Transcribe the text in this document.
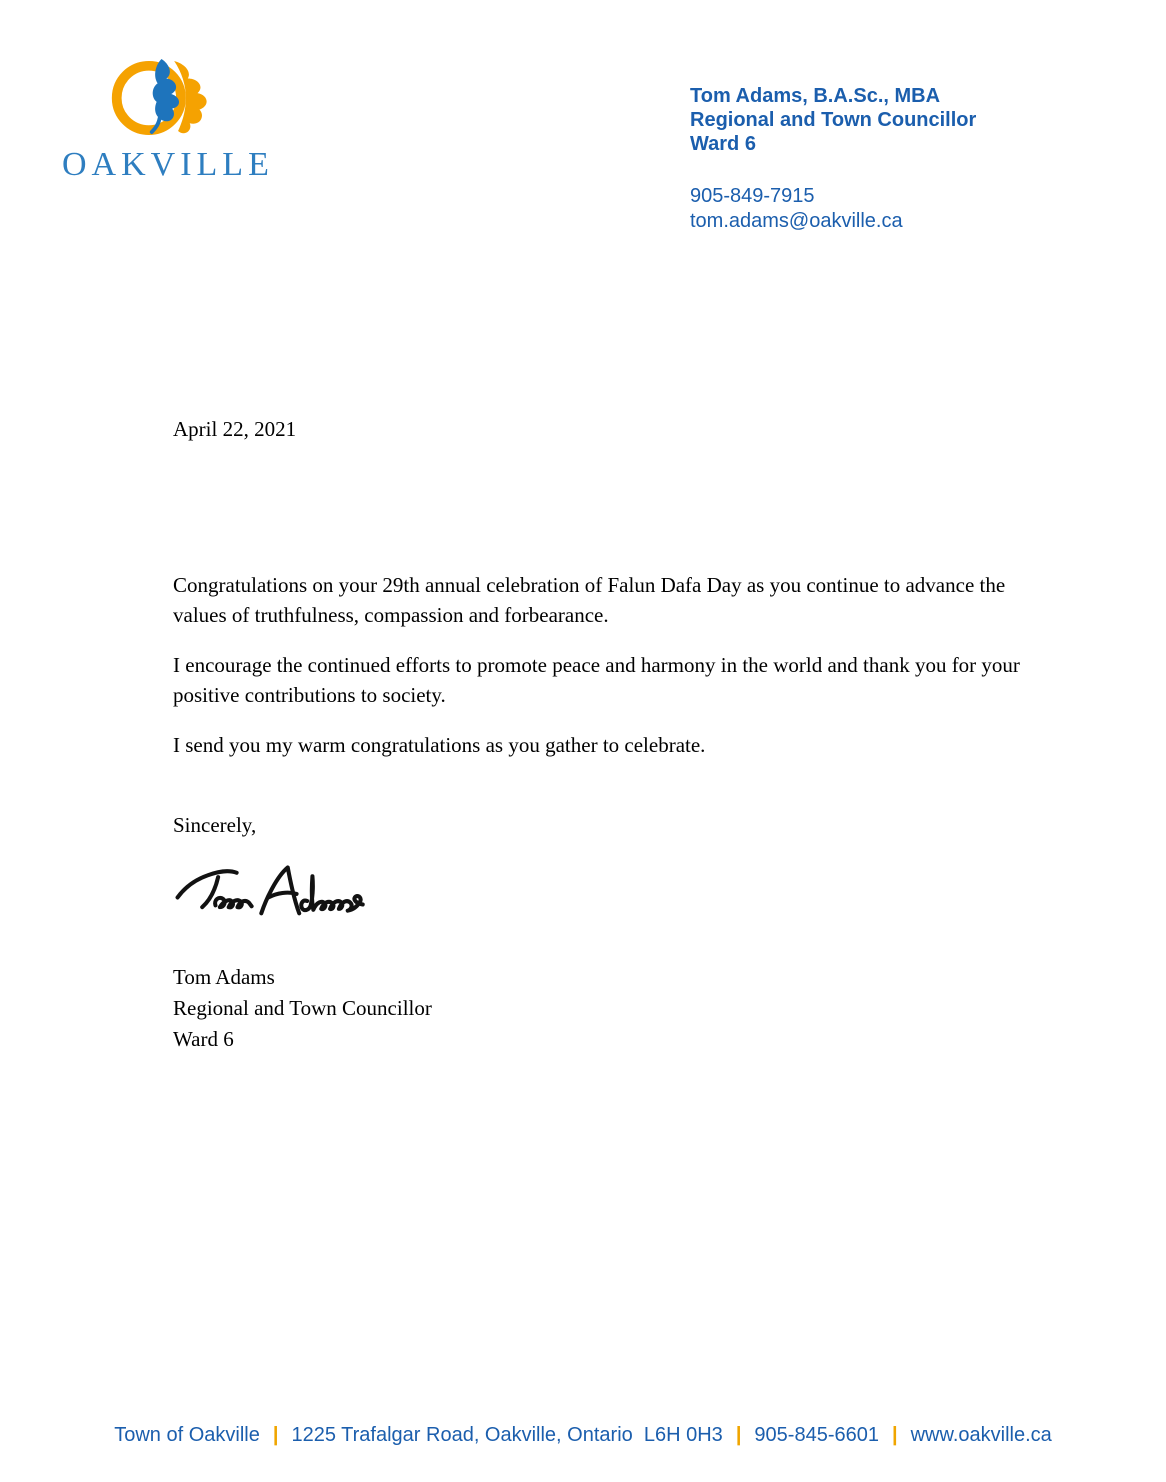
OAKVILLE
Tom Adams, B.A.Sc., MBA
Regional and Town Councillor
Ward 6
905-849-7915
tom.adams@oakville.ca
April 22, 2021

Congratulations on your 29th annual celebration of Falun Dafa Day as you continue to advance the values of truthfulness, compassion and forbearance.

I encourage the continued efforts to promote peace and harmony in the world and thank you for your positive contributions to society.

I send you my warm congratulations as you gather to celebrate.

Sincerely,
Tom Adams
Regional and Town Councillor
Ward 6
Town of Oakville | 1225 Trafalgar Road, Oakville, Ontario  L6H 0H3 | 905-845-6601 | www.oakville.ca
